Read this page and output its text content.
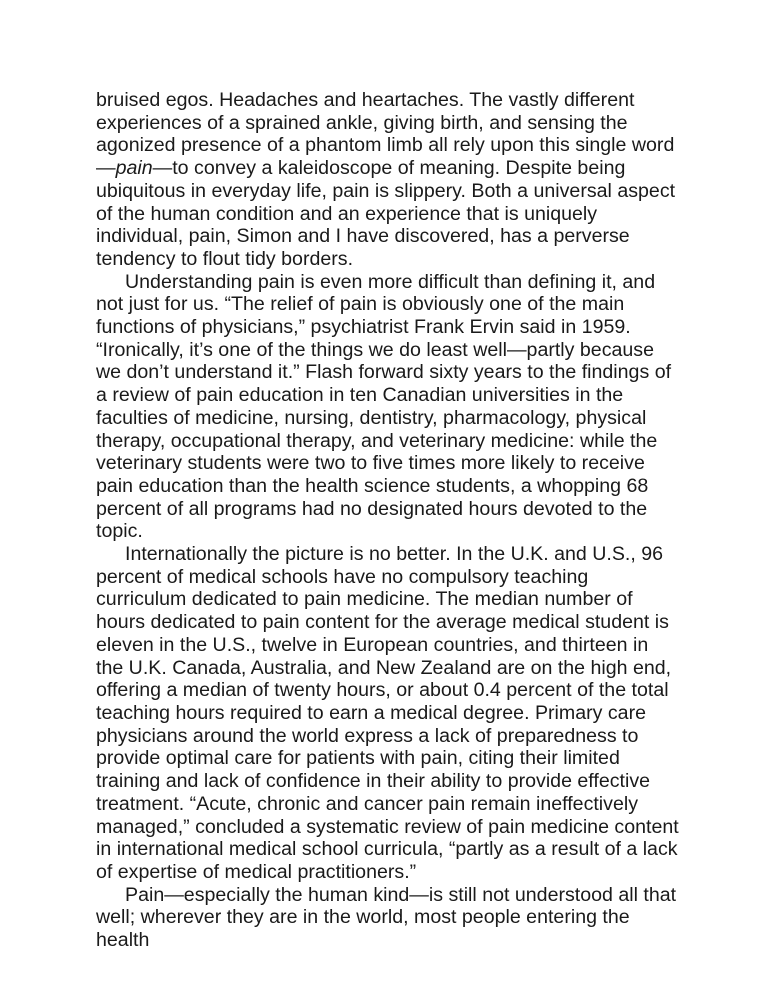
bruised egos. Headaches and heartaches. The vastly different experiences of a sprained ankle, giving birth, and sensing the agonized presence of a phantom limb all rely upon this single word—pain—to convey a kaleidoscope of meaning. Despite being ubiquitous in everyday life, pain is slippery. Both a universal aspect of the human condition and an experience that is uniquely individual, pain, Simon and I have discovered, has a perverse tendency to flout tidy borders.

Understanding pain is even more difficult than defining it, and not just for us. “The relief of pain is obviously one of the main functions of physicians,” psychiatrist Frank Ervin said in 1959. “Ironically, it’s one of the things we do least well—partly because we don’t understand it.” Flash forward sixty years to the findings of a review of pain education in ten Canadian universities in the faculties of medicine, nursing, dentistry, pharmacology, physical therapy, occupational therapy, and veterinary medicine: while the veterinary students were two to five times more likely to receive pain education than the health science students, a whopping 68 percent of all programs had no designated hours devoted to the topic.

Internationally the picture is no better. In the U.K. and U.S., 96 percent of medical schools have no compulsory teaching curriculum dedicated to pain medicine. The median number of hours dedicated to pain content for the average medical student is eleven in the U.S., twelve in European countries, and thirteen in the U.K. Canada, Australia, and New Zealand are on the high end, offering a median of twenty hours, or about 0.4 percent of the total teaching hours required to earn a medical degree. Primary care physicians around the world express a lack of preparedness to provide optimal care for patients with pain, citing their limited training and lack of confidence in their ability to provide effective treatment. “Acute, chronic and cancer pain remain ineffectively managed,” concluded a systematic review of pain medicine content in international medical school curricula, “partly as a result of a lack of expertise of medical practitioners.”

Pain—especially the human kind—is still not understood all that well; wherever they are in the world, most people entering the health
